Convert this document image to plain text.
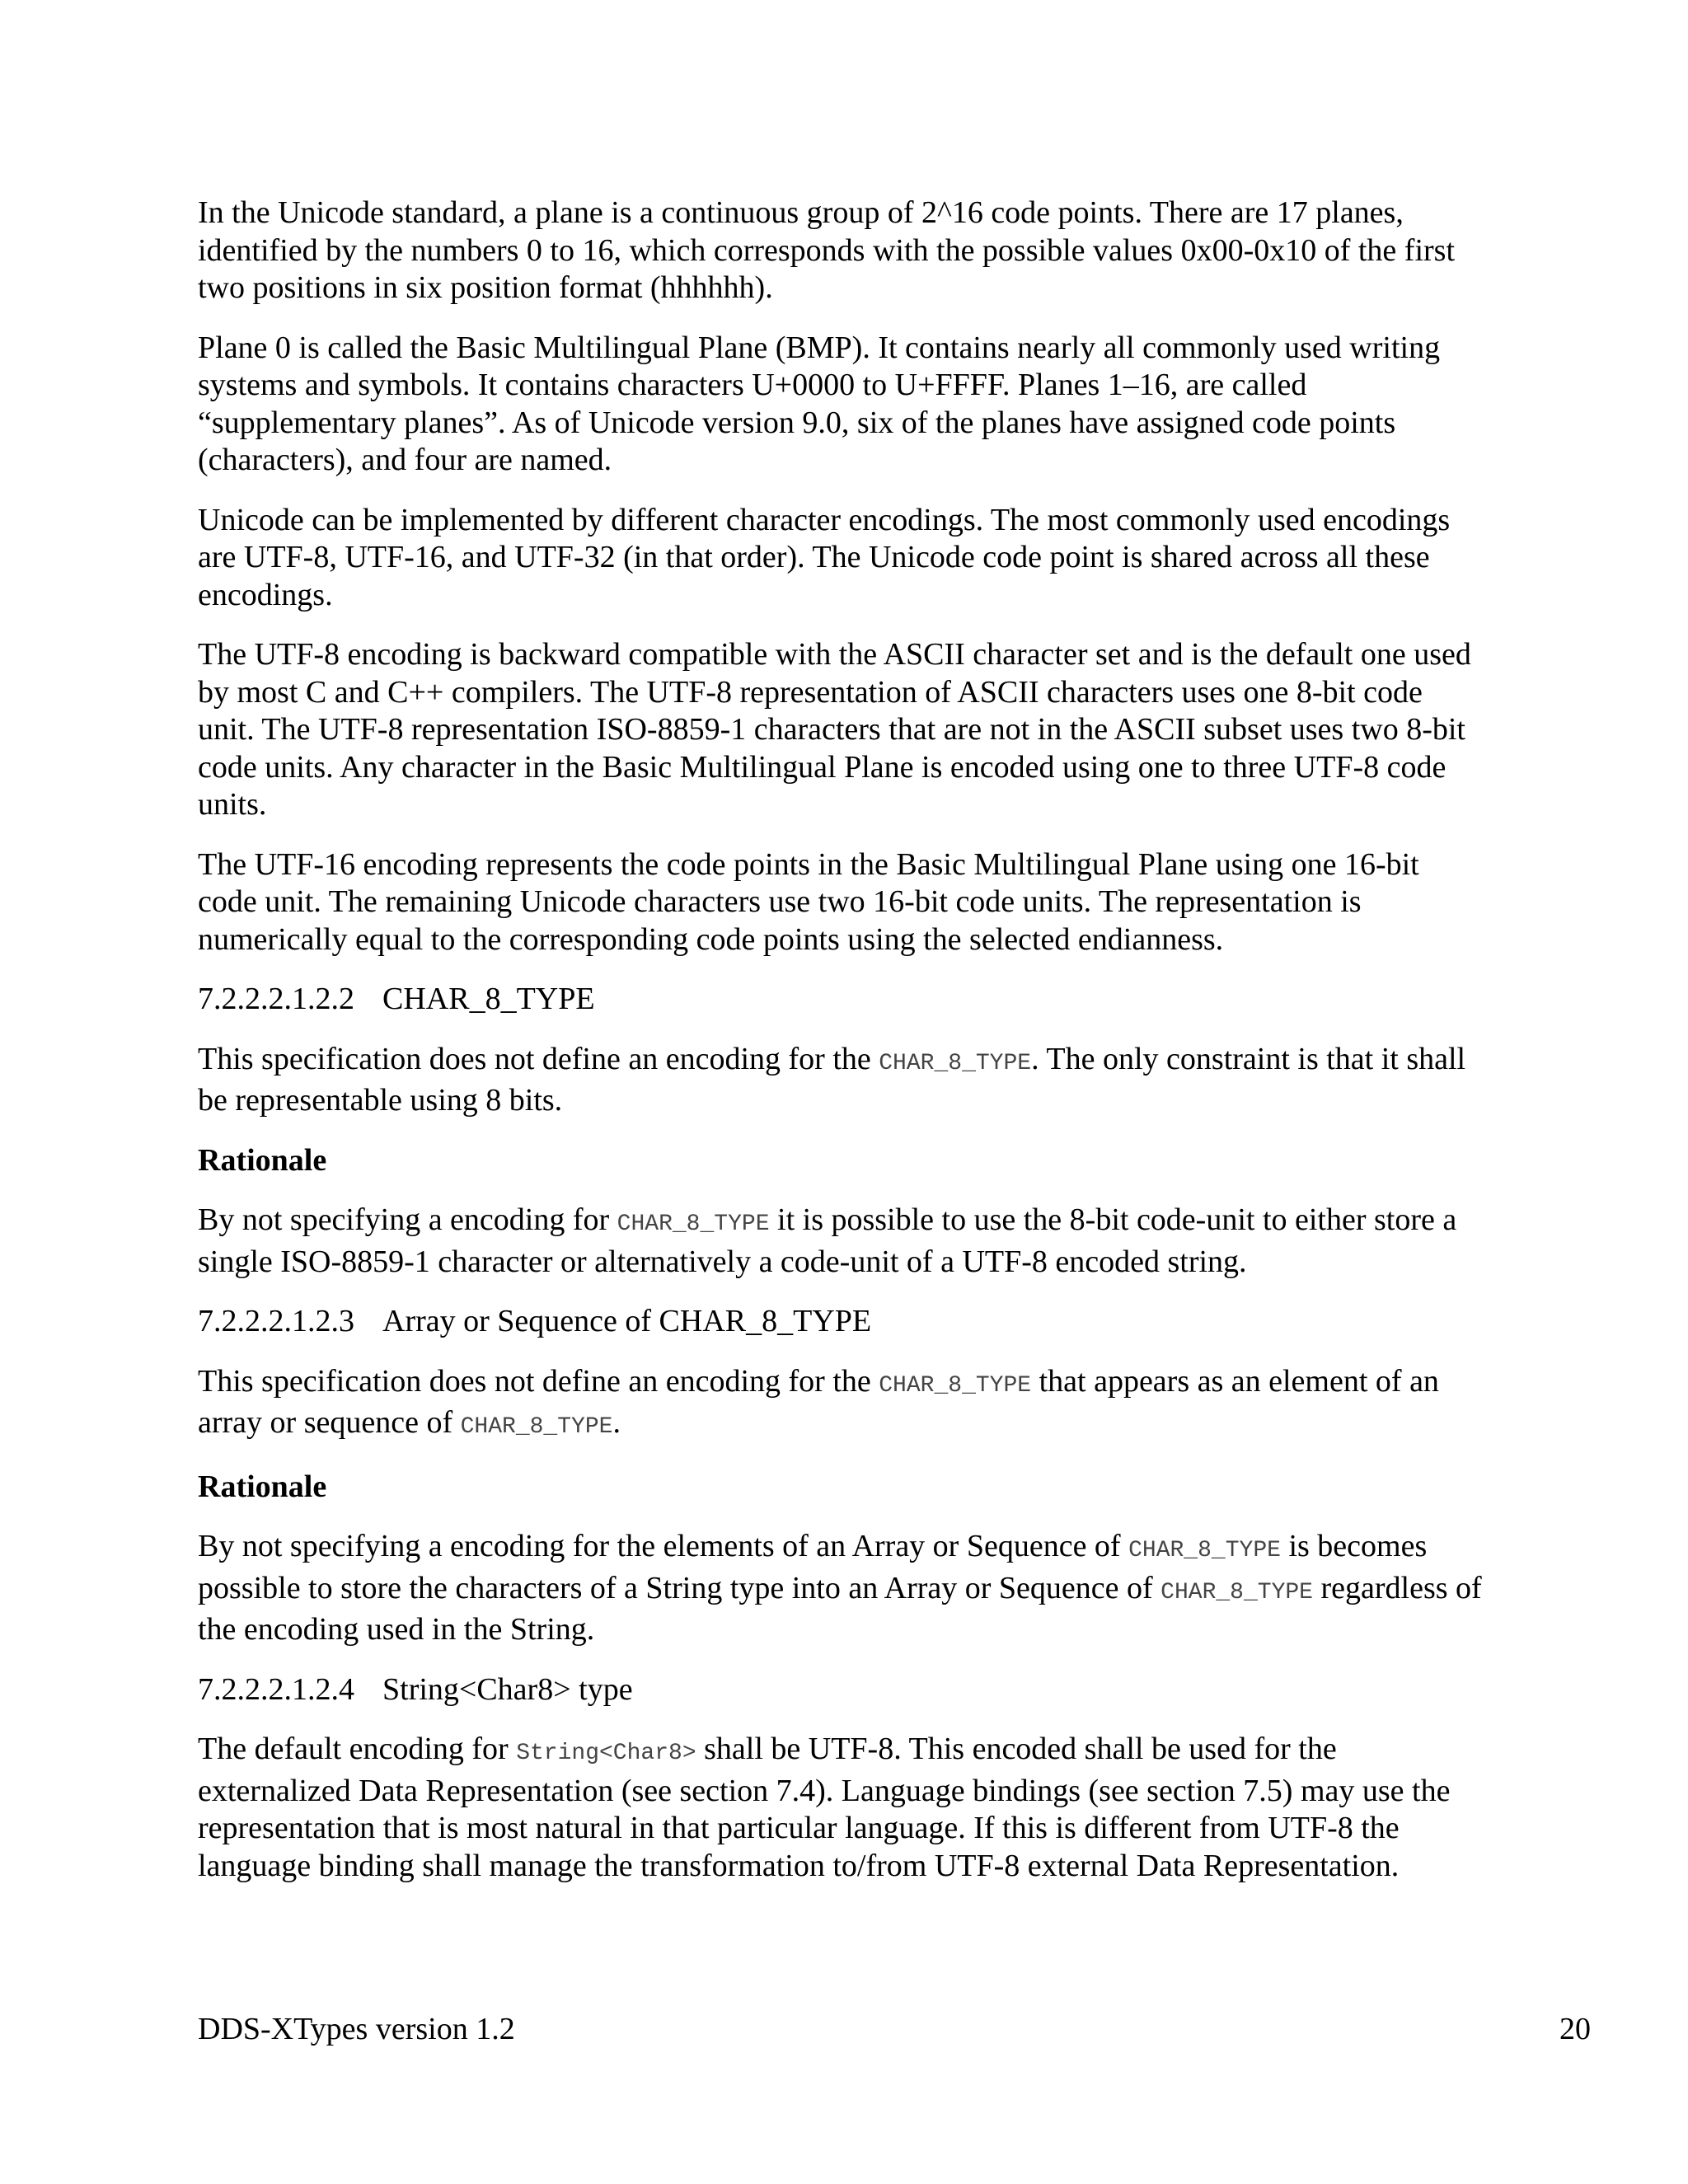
In the Unicode standard, a plane is a continuous group of 2^16 code points. There are 17 planes, identified by the numbers 0 to 16, which corresponds with the possible values 0x00-0x10 of the first two positions in six position format (hhhhhh).

Plane 0 is called the Basic Multilingual Plane (BMP). It contains nearly all commonly used writing systems and symbols. It contains characters U+0000 to U+FFFF. Planes 1–16, are called “supplementary planes”. As of Unicode version 9.0, six of the planes have assigned code points (characters), and four are named.

Unicode can be implemented by different character encodings. The most commonly used encodings are UTF-8, UTF-16, and UTF-32 (in that order). The Unicode code point is shared across all these encodings.

The UTF-8 encoding is backward compatible with the ASCII character set and is the default one used by most C and C++ compilers. The UTF-8 representation of ASCII characters uses one 8-bit code unit. The UTF-8 representation ISO-8859-1 characters that are not in the ASCII subset uses two 8-bit code units. Any character in the Basic Multilingual Plane is encoded using one to three UTF-8 code units.

The UTF-16 encoding represents the code points in the Basic Multilingual Plane using one 16-bit code unit. The remaining Unicode characters use two 16-bit code units. The representation is numerically equal to the corresponding code points using the selected endianness.

7.2.2.2.1.2.2 CHAR_8_TYPE

This specification does not define an encoding for the CHAR_8_TYPE. The only constraint is that it shall be representable using 8 bits.

Rationale

By not specifying a encoding for CHAR_8_TYPE it is possible to use the 8-bit code-unit to either store a single ISO-8859-1 character or alternatively a code-unit of a UTF-8 encoded string.

7.2.2.2.1.2.3 Array or Sequence of CHAR_8_TYPE

This specification does not define an encoding for the CHAR_8_TYPE that appears as an element of an array or sequence of CHAR_8_TYPE.

Rationale

By not specifying a encoding for the elements of an Array or Sequence of CHAR_8_TYPE is becomes possible to store the characters of a String type into an Array or Sequence of CHAR_8_TYPE regardless of the encoding used in the String.

7.2.2.2.1.2.4 String<Char8> type

The default encoding for String<Char8> shall be UTF-8. This encoded shall be used for the externalized Data Representation (see section 7.4). Language bindings (see section 7.5) may use the representation that is most natural in that particular language. If this is different from UTF-8 the language binding shall manage the transformation to/from UTF-8 external Data Representation.

DDS-XTypes version 1.2	20
